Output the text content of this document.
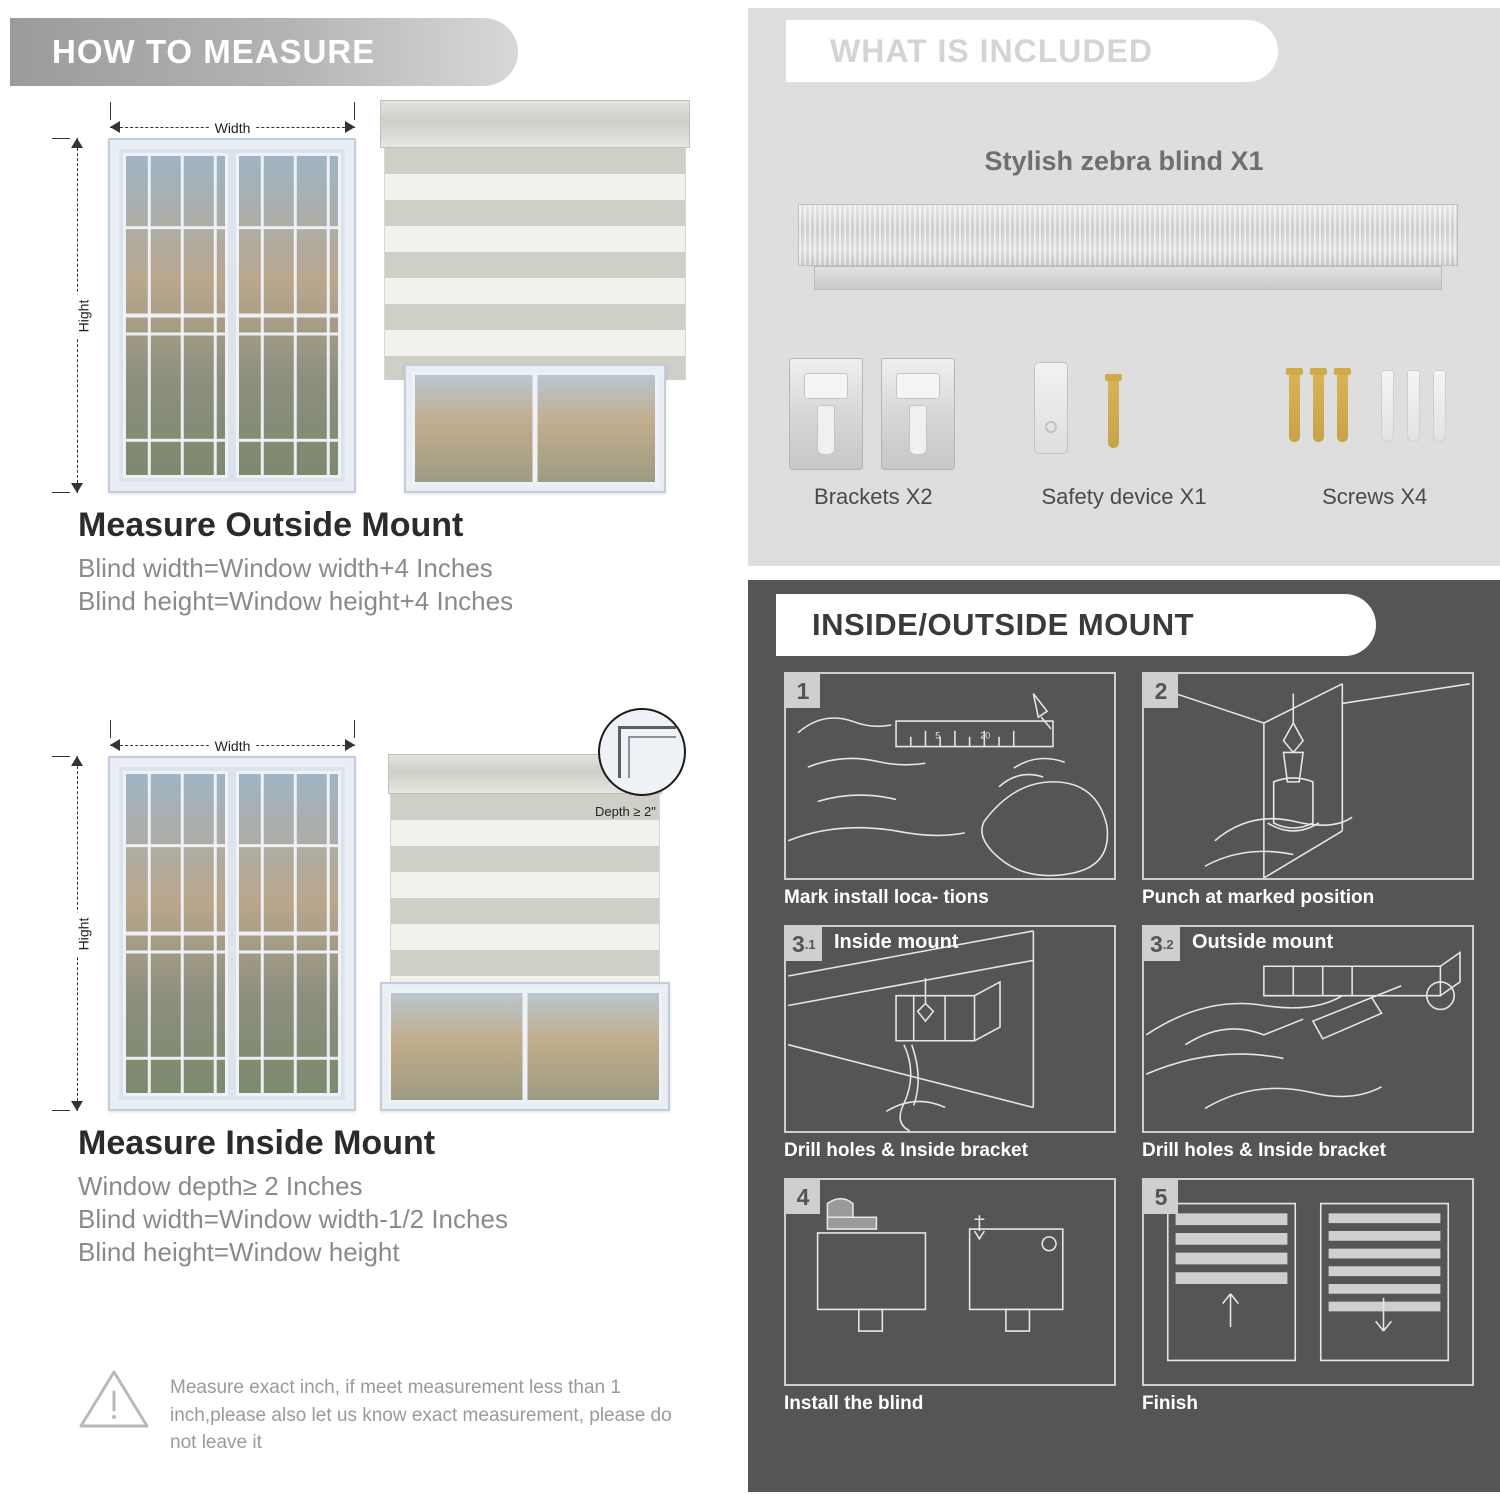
HOW TO MEASURE
Width
Hight
Measure Outside Mount

Blind width=Window width+4 Inches

Blind height=Window height+4 Inches

Width
Hight
Depth ≥ 2"
Measure Inside Mount

Window depth≥ 2 Inches

Blind width=Window width-1/2 Inches

Blind height=Window height

Measure exact inch, if meet measurement less than 1 inch,please also let us know exact measurement, please do not leave it
WHAT IS INCLUDED
Stylish zebra blind X1
Brackets X2	Safety device X1	Screws X4
INSIDE/OUTSIDE MOUNT
1
5	20
Mark install loca- tions
2
Punch at marked position
3 .1 Inside mount
Drill holes & Inside bracket
3 .2 Outside mount
Drill holes & Inside bracket
4
Install the blind
5
Finish
